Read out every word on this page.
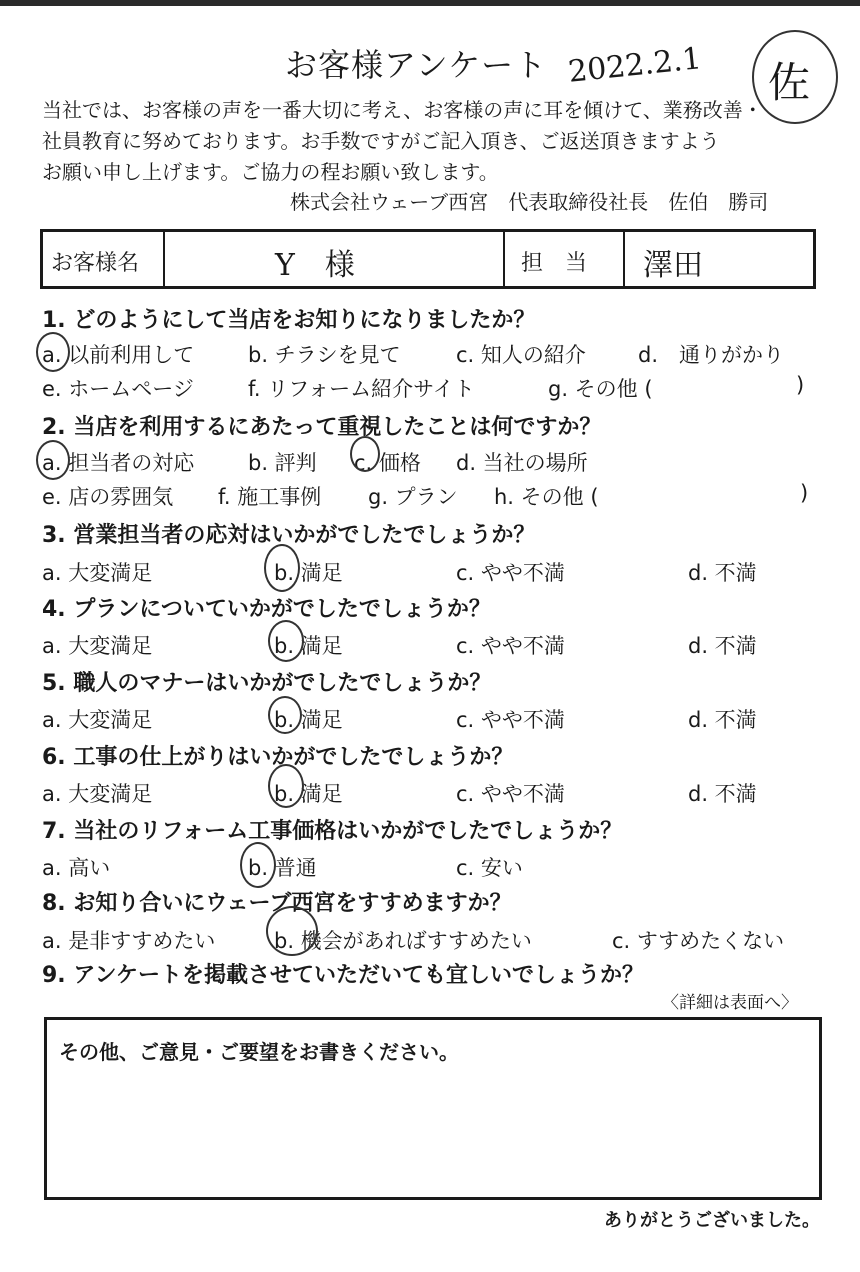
お客様アンケート 2022.2.1 佐
当社では、お客様の声を一番大切に考え、お客様の声に耳を傾けて、業務改善・
社員教育に努めております。お手数ですがご記入頂き、ご返送頂きますよう
お願い申し上げます。ご協力の程お願い致します。
株式会社ウェーブ西宮　代表取締役社長　佐伯　勝司
お客様名	Y　様	担　当 澤田
1. どのようにして当店をお知りになりましたか？
a. 以前利用して	b. チラシを見て	c. 知人の紹介 d.　通りがかり
e. ホームページ	f. リフォーム紹介サイト	g. その他 (	)
2. 当店を利用するにあたって重視したことは何ですか？
a. 担当者の対応	b. 評判 c. 価格 d. 当社の場所
e. 店の雰囲気 f. 施工事例 g. プラン h. その他 (	)
3. 営業担当者の応対はいかがでしたでしょうか？
a. 大変満足	b. 満足	c. やや不満	d. 不満
4. プランについていかがでしたでしょうか？
a. 大変満足	b. 満足	c. やや不満	d. 不満
5. 職人のマナーはいかがでしたでしょうか？
a. 大変満足	b. 満足	c. やや不満	d. 不満
6. 工事の仕上がりはいかがでしたでしょうか？
a. 大変満足	b. 満足	c. やや不満	d. 不満
7. 当社のリフォーム工事価格はいかがでしたでしょうか？
a. 高い	b. 普通	c. 安い
8. お知り合いにウェーブ西宮をすすめますか？
a. 是非すすめたい	b. 機会があればすすめたい	c. すすめたくない
9. アンケートを掲載させていただいても宜しいでしょうか？
〈詳細は表面へ〉
その他、ご意見・ご要望をお書きください。
ありがとうございました。
